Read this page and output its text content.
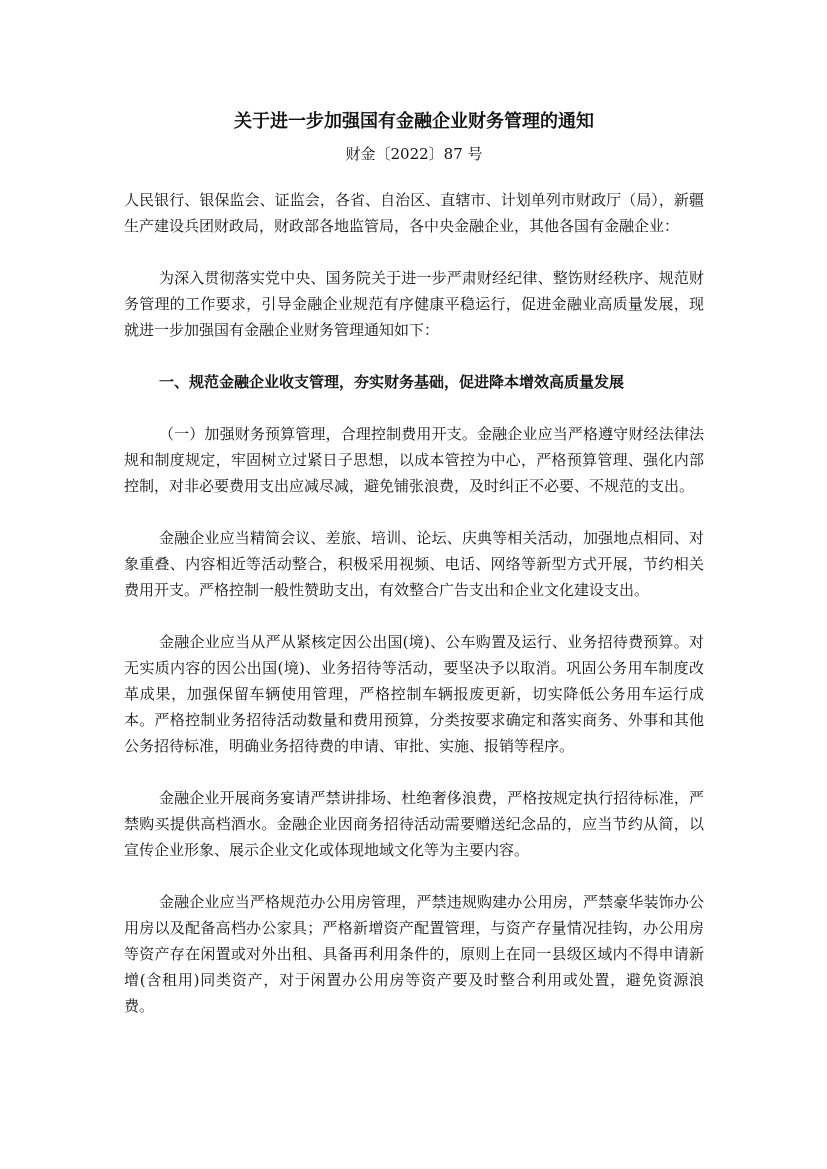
关于进一步加强国有金融企业财务管理的通知

财金〔2022〕87 号

人民银行、银保监会、证监会，各省、自治区、直辖市、计划单列市财政厅（局），新疆生产建设兵团财政局，财政部各地监管局，各中央金融企业，其他各国有金融企业：

为深入贯彻落实党中央、国务院关于进一步严肃财经纪律、整饬财经秩序、规范财务管理的工作要求，引导金融企业规范有序健康平稳运行，促进金融业高质量发展，现就进一步加强国有金融企业财务管理通知如下：

一、规范金融企业收支管理，夯实财务基础，促进降本增效高质量发展

（一）加强财务预算管理，合理控制费用开支。金融企业应当严格遵守财经法律法规和制度规定，牢固树立过紧日子思想，以成本管控为中心，严格预算管理、强化内部控制，对非必要费用支出应减尽减，避免铺张浪费，及时纠正不必要、不规范的支出。

金融企业应当精简会议、差旅、培训、论坛、庆典等相关活动，加强地点相同、对象重叠、内容相近等活动整合，积极采用视频、电话、网络等新型方式开展，节约相关费用开支。严格控制一般性赞助支出，有效整合广告支出和企业文化建设支出。

金融企业应当从严从紧核定因公出国(境)、公车购置及运行、业务招待费预算。对无实质内容的因公出国(境)、业务招待等活动，要坚决予以取消。巩固公务用车制度改革成果，加强保留车辆使用管理，严格控制车辆报废更新，切实降低公务用车运行成本。严格控制业务招待活动数量和费用预算，分类按要求确定和落实商务、外事和其他公务招待标准，明确业务招待费的申请、审批、实施、报销等程序。

金融企业开展商务宴请严禁讲排场、杜绝奢侈浪费，严格按规定执行招待标准，严禁购买提供高档酒水。金融企业因商务招待活动需要赠送纪念品的，应当节约从简，以宣传企业形象、展示企业文化或体现地域文化等为主要内容。

金融企业应当严格规范办公用房管理，严禁违规购建办公用房，严禁豪华装饰办公用房以及配备高档办公家具；严格新增资产配置管理，与资产存量情况挂钩，办公用房等资产存在闲置或对外出租、具备再利用条件的，原则上在同一县级区域内不得申请新增(含租用)同类资产，对于闲置办公用房等资产要及时整合利用或处置，避免资源浪费。
